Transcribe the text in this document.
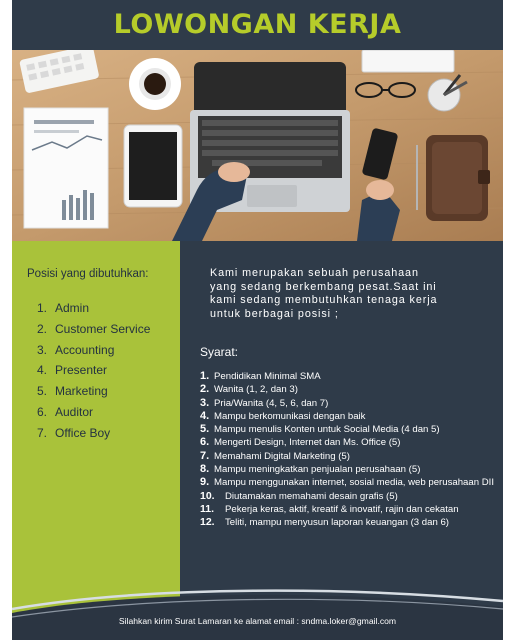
LOWONGAN KERJA
Posisi yang dibutuhkan:
1. Admin
2. Customer Service
3. Accounting
4. Presenter
5. Marketing
6. Auditor
7. Office Boy
Kami merupakan sebuah perusahaan
yang sedang berkembang pesat.Saat ini
kami sedang membutuhkan tenaga kerja
untuk berbagai posisi ;
Syarat:
1. Pendidikan Minimal SMA
2. Wanita (1, 2, dan 3)
3. Pria/Wanita (4, 5, 6, dan 7)
4. Mampu berkomunikasi dengan baik
5. Mampu menulis Konten untuk Social Media (4 dan 5)
6. Mengerti Design, Internet dan Ms. Office (5)
7. Memahami Digital Marketing (5)
8. Mampu meningkatkan penjualan perusahaan (5)
9. Mampu menggunakan internet, sosial media, web perusahaan DII
10.	Diutamakan memahami desain grafis (5)
11.	Pekerja keras, aktif, kreatif & inovatif, rajin dan cekatan
12.	Teliti, mampu menyusun laporan keuangan (3 dan 6)
Silahkan kirim Surat Lamaran ke alamat email : sndma.loker@gmail.com
